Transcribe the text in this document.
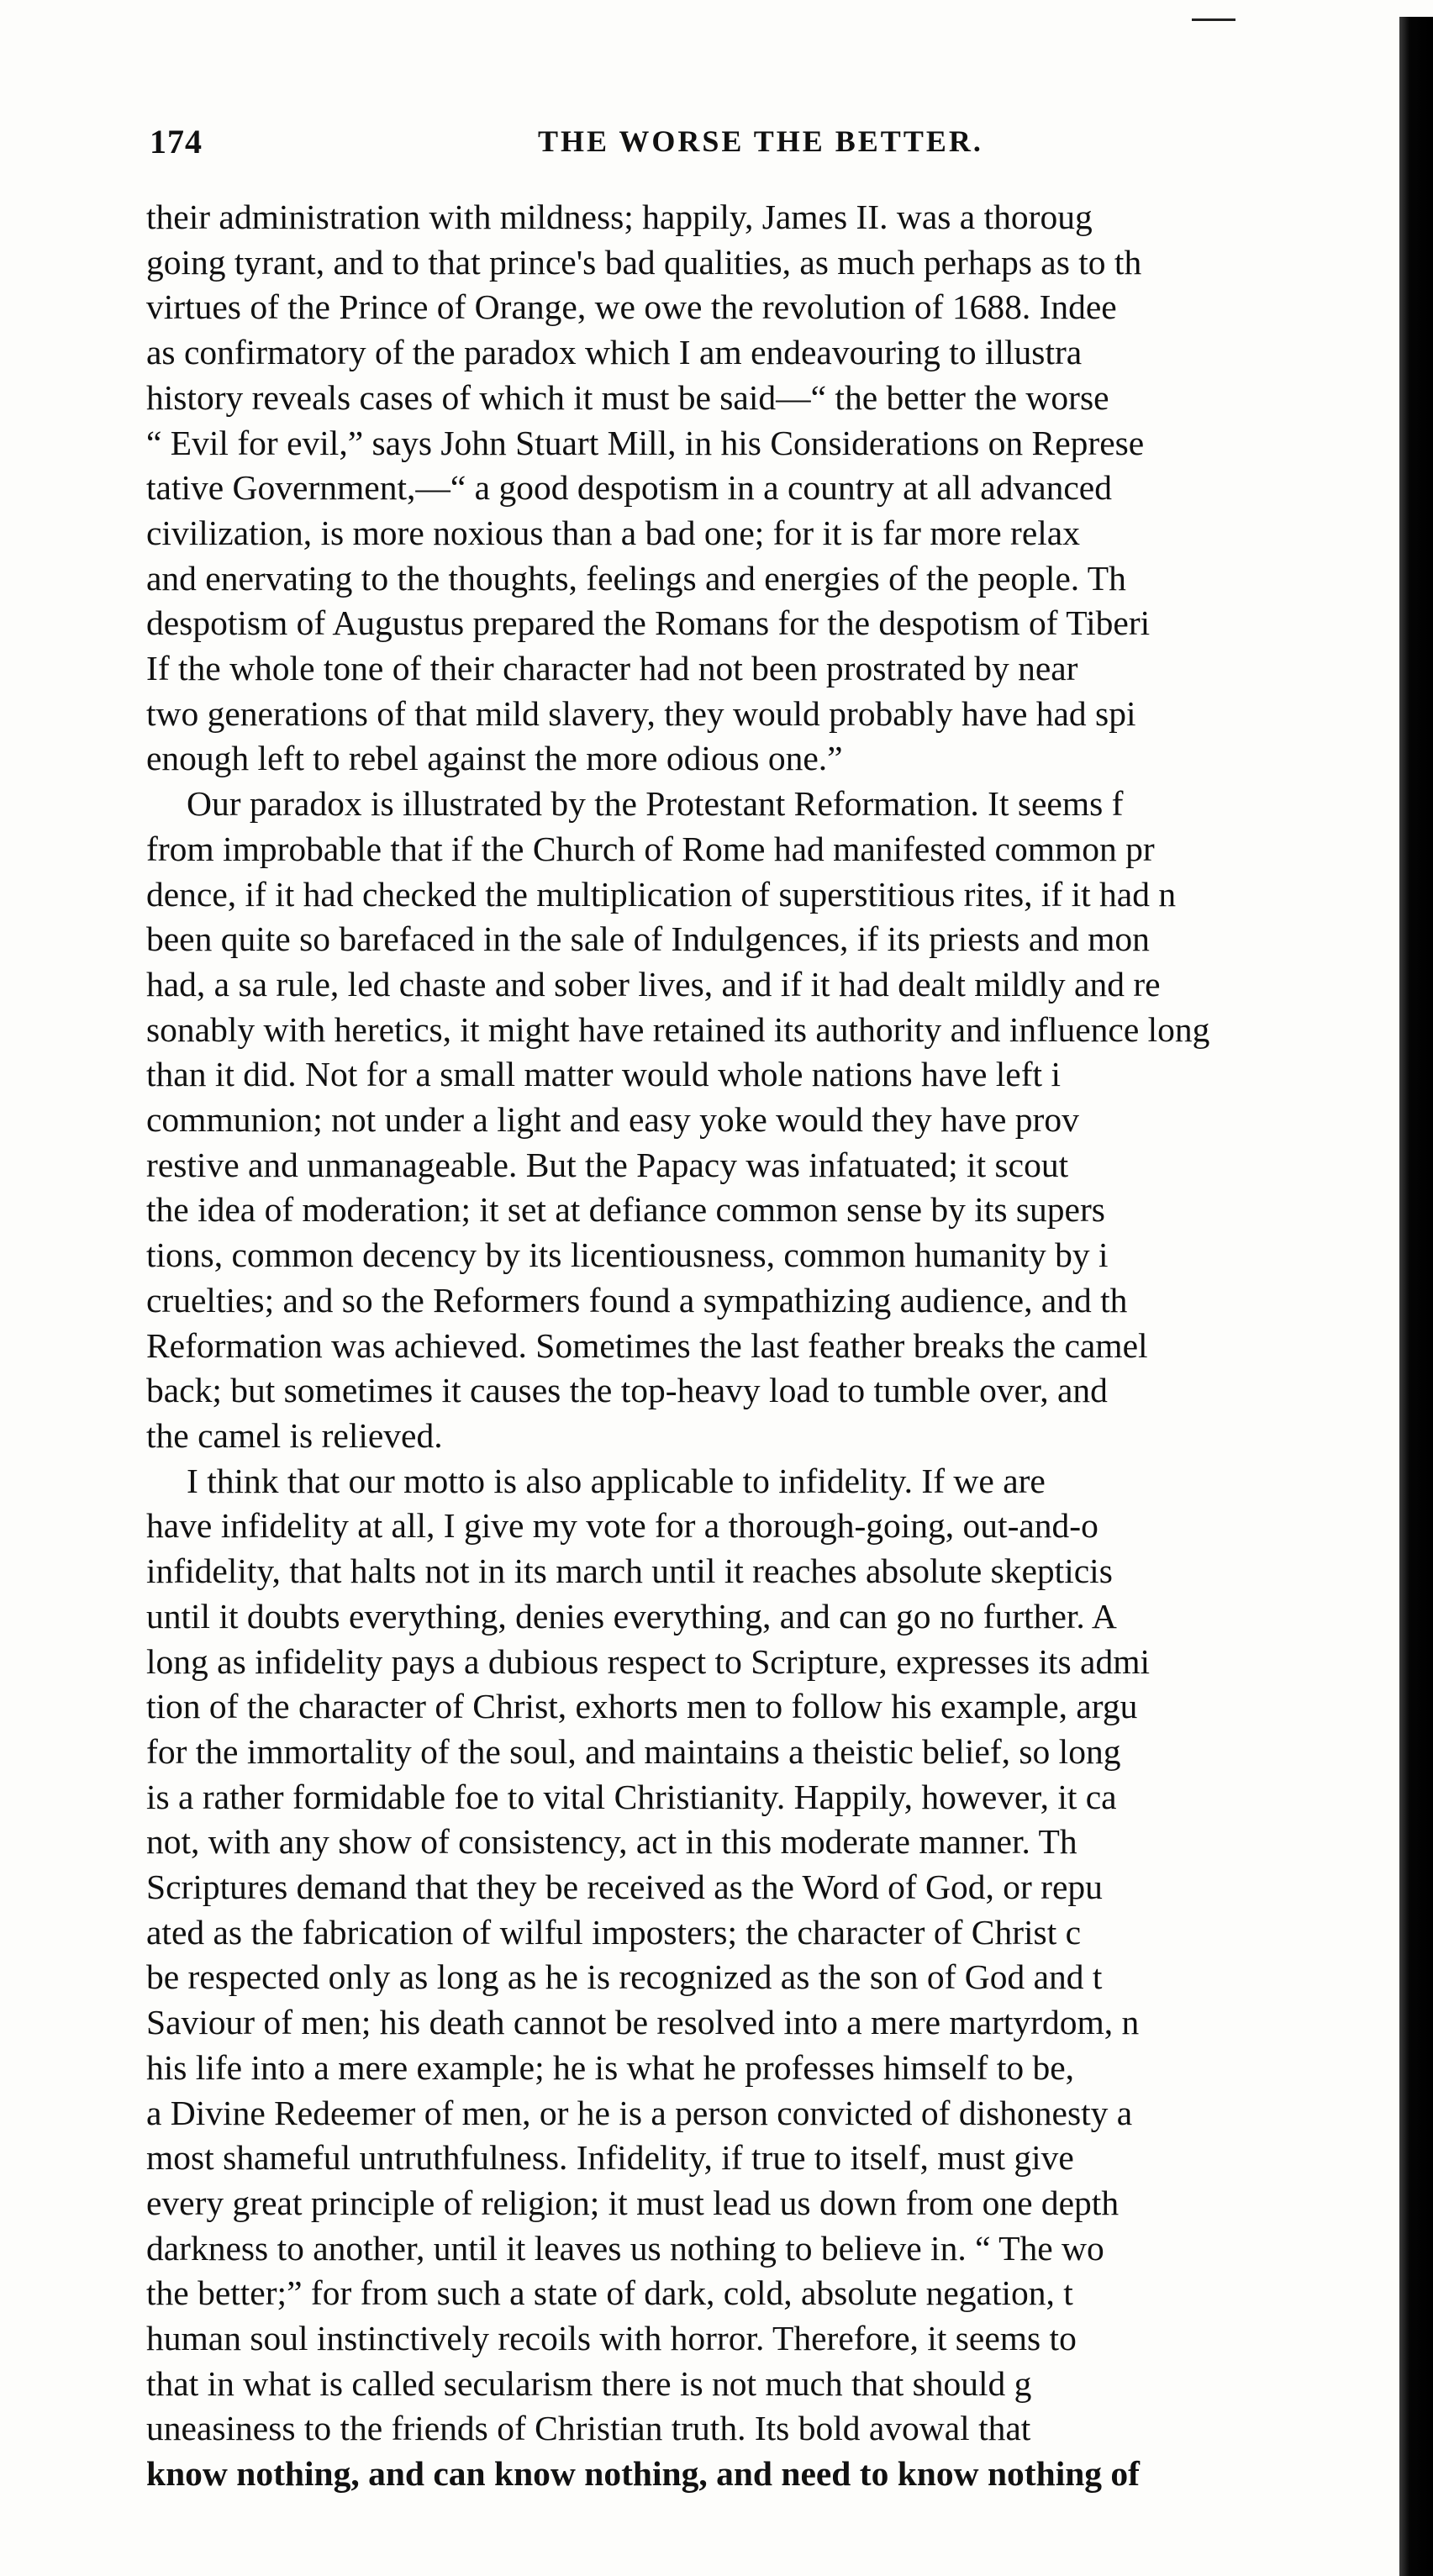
174	THE WORSE THE BETTER.
their administration with mildness; happily, James II. was a thoroug
going tyrant, and to that prince's bad qualities, as much perhaps as to th
virtues of the Prince of Orange, we owe the revolution of 1688. Indee
as confirmatory of the paradox which I am endeavouring to illustra
history reveals cases of which it must be said—“ the better the worse
“ Evil for evil,” says John Stuart Mill, in his Considerations on Represe
tative Government,—“ a good despotism in a country at all advanced
civilization, is more noxious than a bad one; for it is far more relax
and enervating to the thoughts, feelings and energies of the people. Th
despotism of Augustus prepared the Romans for the despotism of Tiberi
If the whole tone of their character had not been prostrated by near
two generations of that mild slavery, they would probably have had spi
enough left to rebel against the more odious one.”
Our paradox is illustrated by the Protestant Reformation. It seems f
from improbable that if the Church of Rome had manifested common pr
dence, if it had checked the multiplication of superstitious rites, if it had n
been quite so barefaced in the sale of Indulgences, if its priests and mon
had, a sa rule, led chaste and sober lives, and if it had dealt mildly and re
sonably with heretics, it might have retained its authority and influence long
than it did. Not for a small matter would whole nations have left i
communion; not under a light and easy yoke would they have prov
restive and unmanageable. But the Papacy was infatuated; it scout
the idea of moderation; it set at defiance common sense by its supers
tions, common decency by its licentiousness, common humanity by i
cruelties; and so the Reformers found a sympathizing audience, and th
Reformation was achieved. Sometimes the last feather breaks the camel
back; but sometimes it causes the top-heavy load to tumble over, and
the camel is relieved.
I think that our motto is also applicable to infidelity. If we are
have infidelity at all, I give my vote for a thorough-going, out-and-o
infidelity, that halts not in its march until it reaches absolute skepticis
until it doubts everything, denies everything, and can go no further. A
long as infidelity pays a dubious respect to Scripture, expresses its admi
tion of the character of Christ, exhorts men to follow his example, argu
for the immortality of the soul, and maintains a theistic belief, so long
is a rather formidable foe to vital Christianity. Happily, however, it ca
not, with any show of consistency, act in this moderate manner. Th
Scriptures demand that they be received as the Word of God, or repu
ated as the fabrication of wilful imposters; the character of Christ c
be respected only as long as he is recognized as the son of God and t
Saviour of men; his death cannot be resolved into a mere martyrdom, n
his life into a mere example; he is what he professes himself to be,
a Divine Redeemer of men, or he is a person convicted of dishonesty a
most shameful untruthfulness. Infidelity, if true to itself, must give
every great principle of religion; it must lead us down from one depth
darkness to another, until it leaves us nothing to believe in. “ The wo
the better;” for from such a state of dark, cold, absolute negation, t
human soul instinctively recoils with horror. Therefore, it seems to
that in what is called secularism there is not much that should g
uneasiness to the friends of Christian truth. Its bold avowal that
know nothing, and can know nothing, and need to know nothing of
